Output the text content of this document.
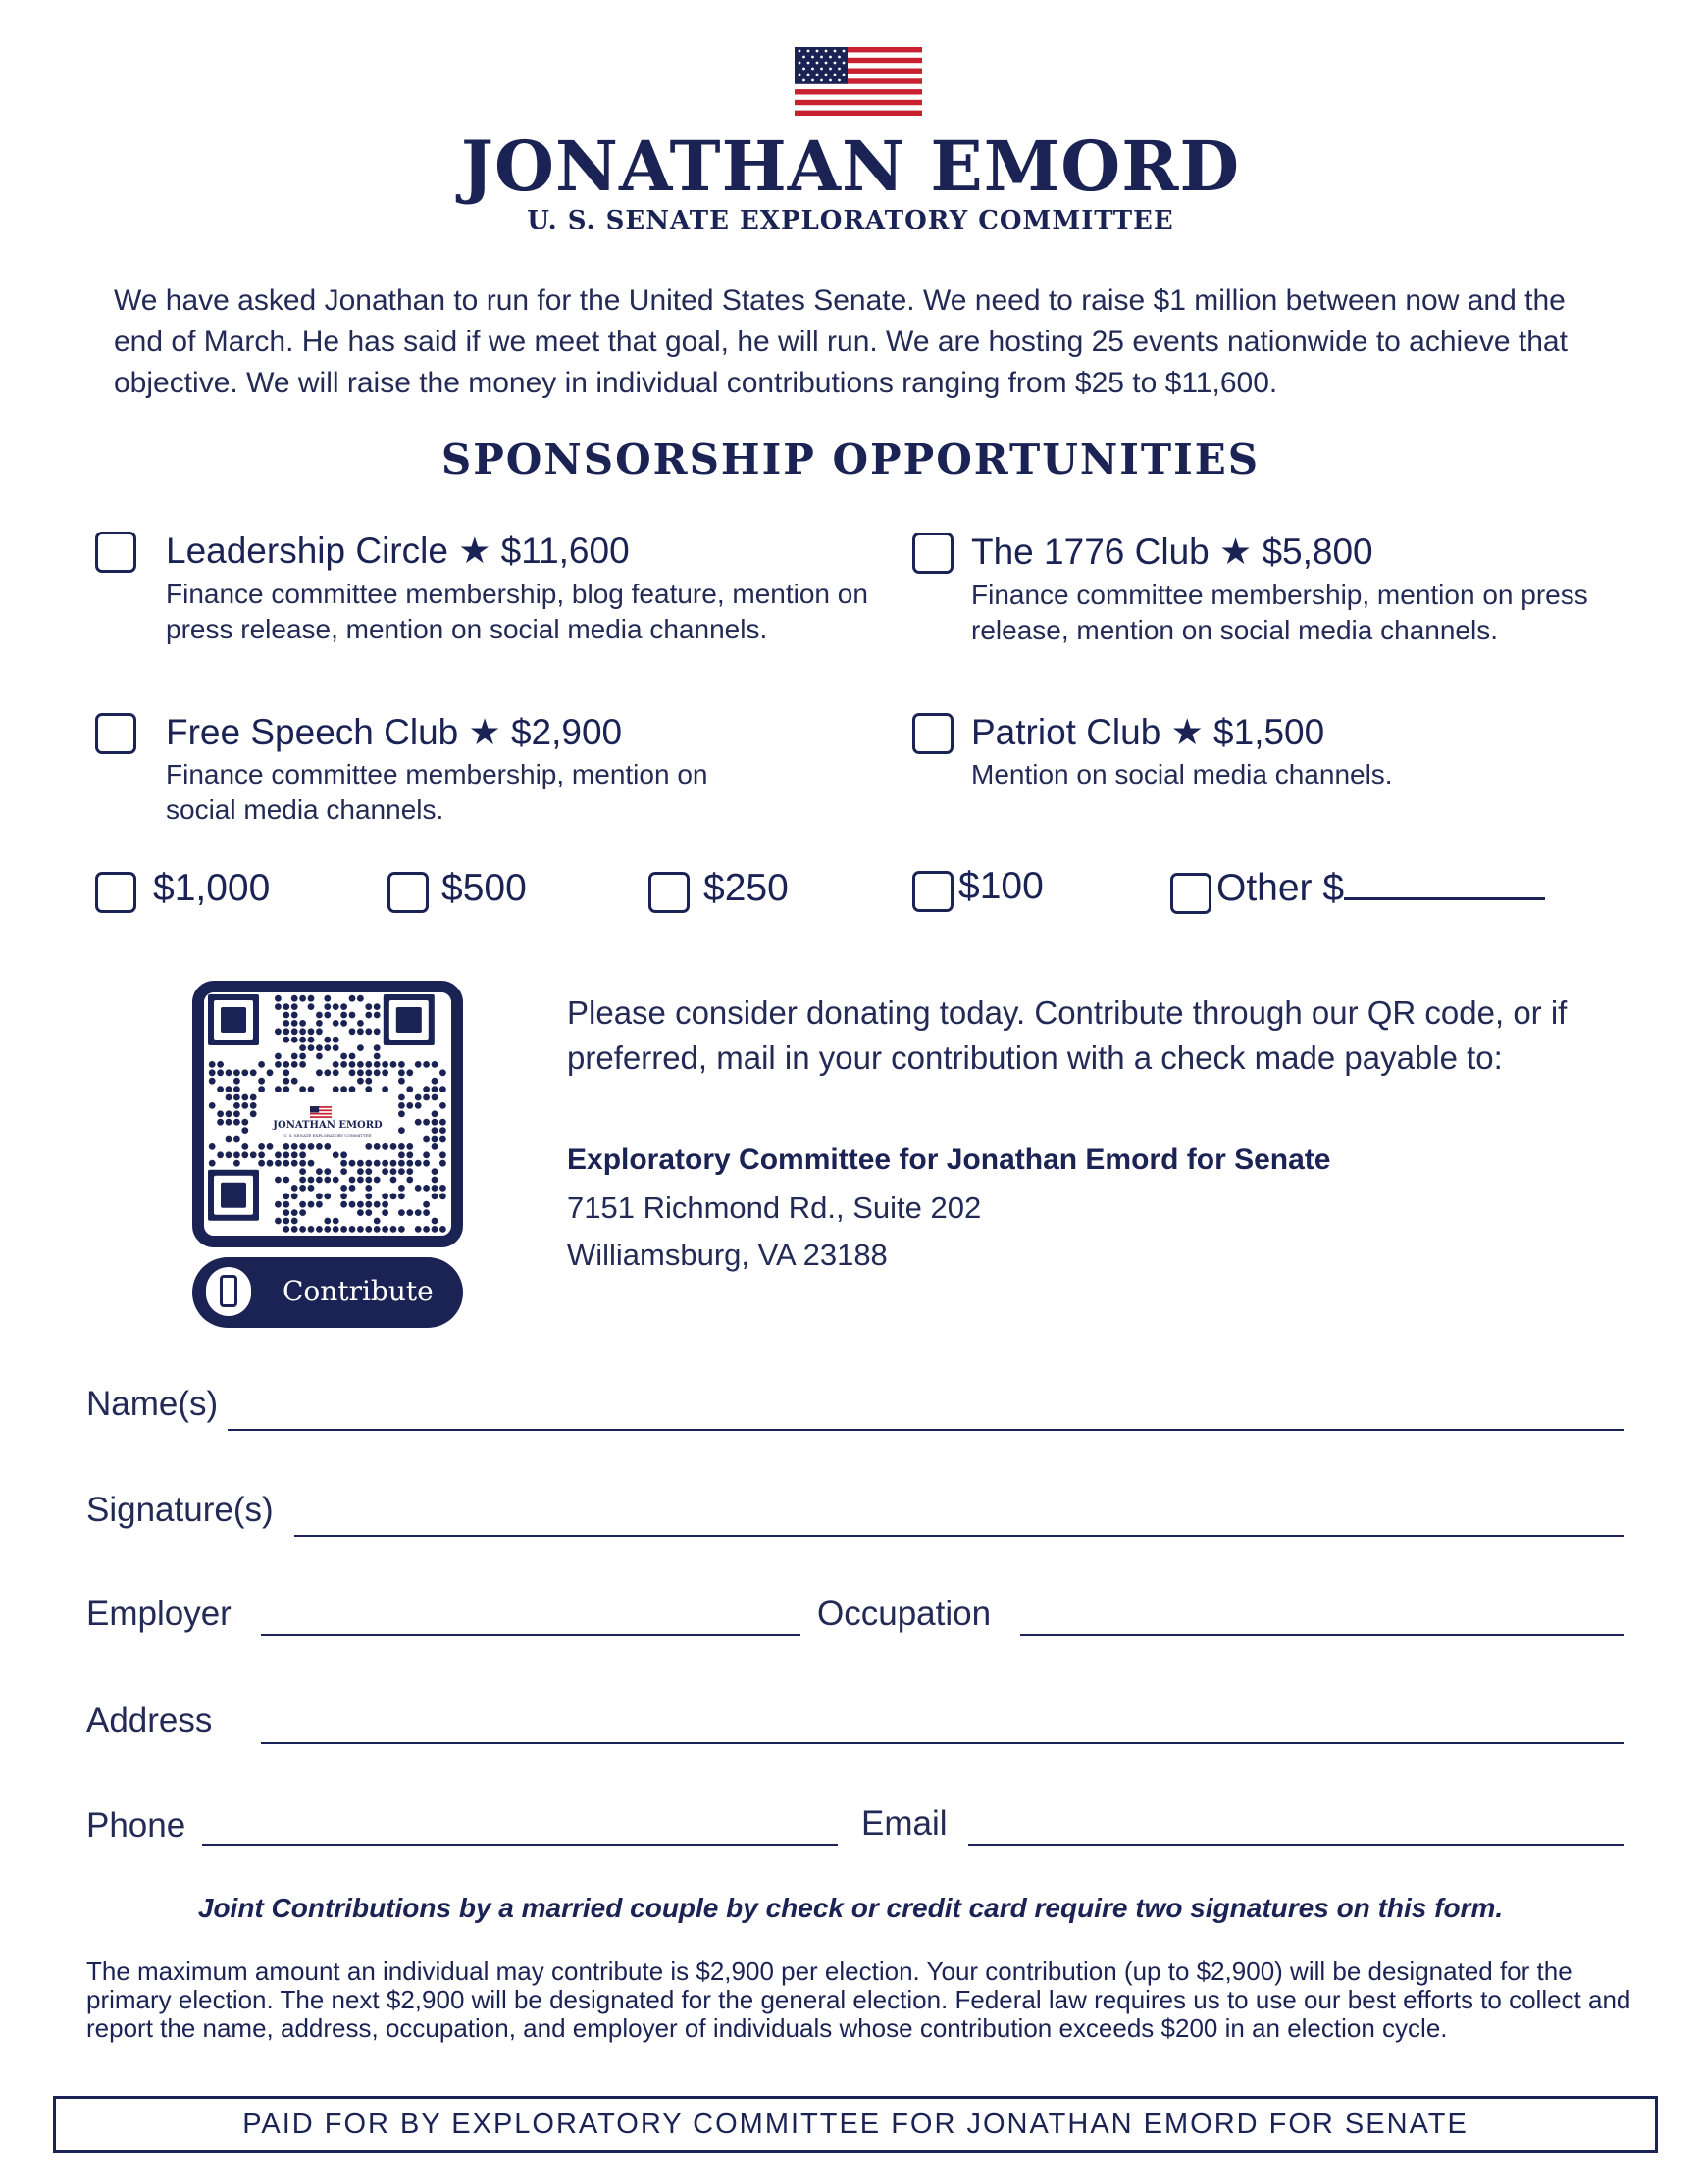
JONATHAN EMORD
U. S. SENATE EXPLORATORY COMMITTEE
We have asked Jonathan to run for the United States Senate. We need to raise $1 million between now and the end of March. He has said if we meet that goal, he will run. We are hosting 25 events nationwide to achieve that objective. We will raise the money in individual contributions ranging from $25 to $11,600.
SPONSORSHIP OPPORTUNITIES
Leadership Circle ★ $11,600
Finance committee membership, blog feature, mention on press release, mention on social media channels.
The 1776 Club ★ $5,800
Finance committee membership, mention on press release, mention on social media channels.
Free Speech Club ★ $2,900
Finance committee membership, mention on social media channels.
Patriot Club ★ $1,500
Mention on social media channels.
$1,000	$500	$250	$100	Other $
JONATHAN EMORD
U. S. SENATE EXPLORATORY COMMITTEE
Contribute
Please consider donating today. Contribute through our QR code, or if preferred, mail in your contribution with a check made payable to:
Exploratory Committee for Jonathan Emord for Senate
7151 Richmond Rd., Suite 202
Williamsburg, VA 23188
Name(s)
Signature(s)
Employer	Occupation
Address
Phone	Email
Joint Contributions by a married couple by check or credit card require two signatures on this form.
The maximum amount an individual may contribute is $2,900 per election. Your contribution (up to $2,900) will be designated for the primary election. The next $2,900 will be designated for the general election. Federal law requires us to use our best efforts to collect and report the name, address, occupation, and employer of individuals whose contribution exceeds $200 in an election cycle.
PAID FOR BY EXPLORATORY COMMITTEE FOR JONATHAN EMORD FOR SENATE
